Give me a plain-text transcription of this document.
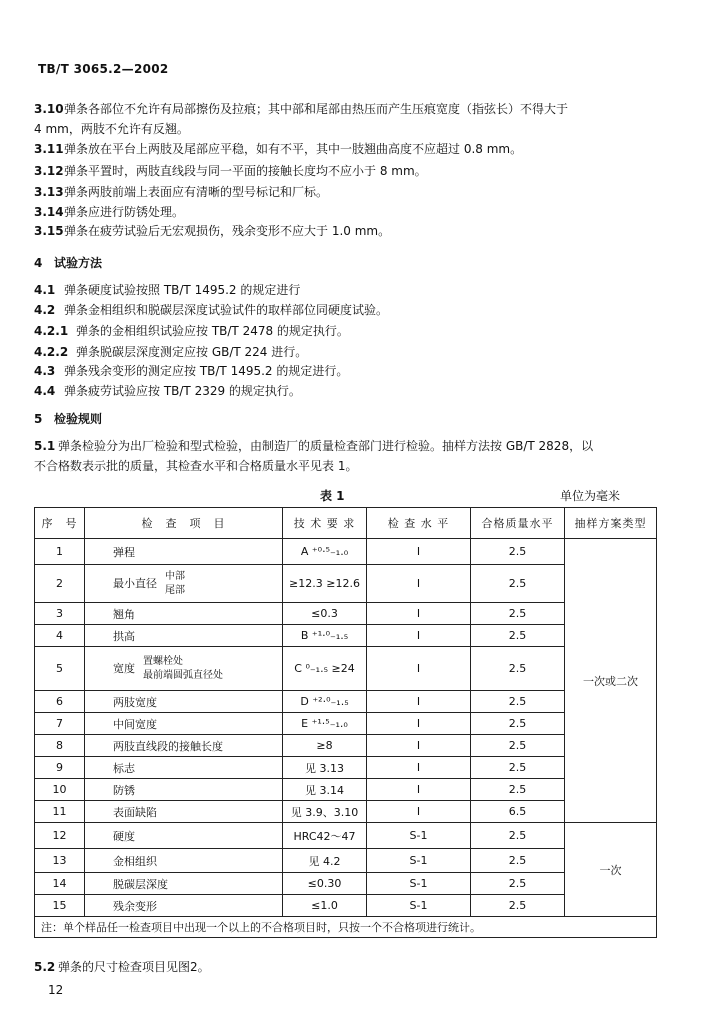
TB/T 3065.2—2002
3.10弹条各部位不允许有局部擦伤及拉痕；其中部和尾部由热压而产生压痕宽度（指弦长）不得大于
4 mm，两肢不允许有反翘。
3.11弹条放在平台上两肢及尾部应平稳，如有不平，其中一肢翘曲高度不应超过 0.8 mm。
3.12弹条平置时，两肢直线段与同一平面的接触长度均不应小于 8 mm。
3.13弹条两肢前端上表面应有清晰的型号标记和厂标。
3.14弹条应进行防锈处理。
3.15弹条在疲劳试验后无宏观损伤，残余变形不应大于 1.0 mm。
4 试验方法
4.1 弹条硬度试验按照 TB/T 1495.2 的规定进行
4.2 弹条金相组织和脱碳层深度试验试件的取样部位同硬度试验。
4.2.1 弹条的金相组织试验应按 TB/T 2478 的规定执行。
4.2.2 弹条脱碳层深度测定应按 GB/T 224 进行。
4.3 弹条残余变形的测定应按 TB/T 1495.2 的规定进行。
4.4 弹条疲劳试验应按 TB/T 2329 的规定执行。
5 检验规则
5.1 弹条检验分为出厂检验和型式检验，由制造厂的质量检查部门进行检验。抽样方法按 GB/T 2828，以
不合格数表示批的质量，其检查水平和合格质量水平见表 1。
表 1	单位为毫米
序　号	检　查　项　目	技 术 要 求	检 查 水 平	合格质量水平	抽样方案类型
1	弹程	A ⁺⁰·⁵₋₁.₀	Ⅰ	2.5	一次或二次
2	最小直径
中部
尾部	≥12.3 ≥12.6	Ⅰ	2.5	
3	翘角	≤0.3	Ⅰ	2.5	
4	拱高	B ⁺¹·⁰₋₁.₅	Ⅰ	2.5	
5	宽度
置螺栓处
最前端圆弧直径处	C ⁰₋₁.₅ ≥24	Ⅰ	2.5	
6	两肢宽度	D ⁺²·⁰₋₁.₅	Ⅰ	2.5	
7	中间宽度	E ⁺¹·⁵₋₁.₀	Ⅰ	2.5	
8	两肢直线段的接触长度	≥8	Ⅰ	2.5	
9	标志	见 3.13	Ⅰ	2.5	
10	防锈	见 3.14	Ⅰ	2.5	
11	表面缺陷	见 3.9、3.10	Ⅰ	6.5	
12	硬度	HRC42～47	S-1	2.5	一次
13	金相组织	见 4.2	S-1	2.5	
14	脱碳层深度	≤0.30	S-1	2.5	
15	残余变形	≤1.0	S-1	2.5	
注：单个样品任一检查项目中出现一个以上的不合格项目时，只按一个不合格项进行统计。					
5.2 弹条的尺寸检查项目见图2。
12
